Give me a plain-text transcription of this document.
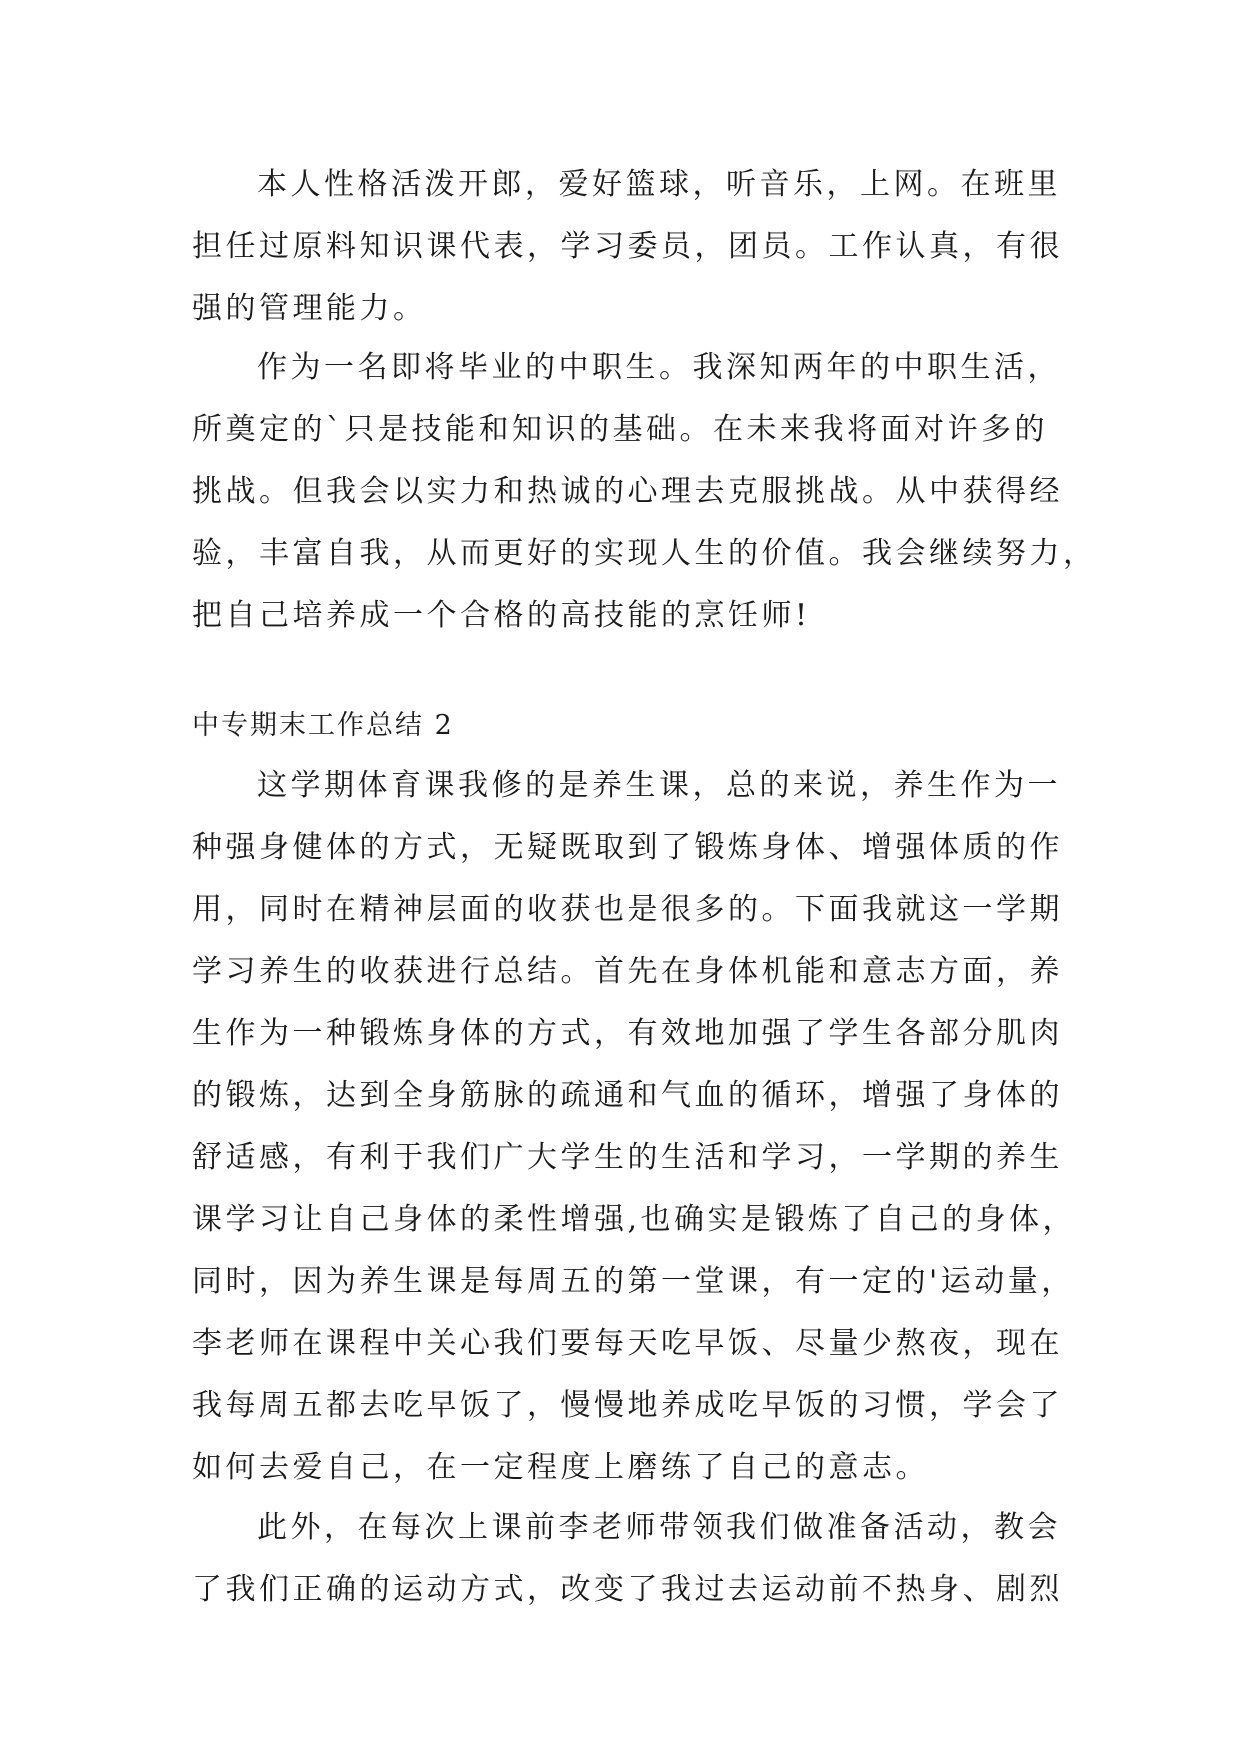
本人性格活泼开郎，爱好篮球，听音乐，上网。在班里
担任过原料知识课代表，学习委员，团员。工作认真，有很
强的管理能力。
作为一名即将毕业的中职生。我深知两年的中职生活，
所奠定的`只是技能和知识的基础。在未来我将面对许多的
挑战。但我会以实力和热诚的心理去克服挑战。从中获得经
验，丰富自我，从而更好的实现人生的价值。我会继续努力，
把自己培养成一个合格的高技能的烹饪师!
中专期末工作总结 2
这学期体育课我修的是养生课，总的来说，养生作为一
种强身健体的方式，无疑既取到了锻炼身体、增强体质的作
用，同时在精神层面的收获也是很多的。下面我就这一学期
学习养生的收获进行总结。首先在身体机能和意志方面，养
生作为一种锻炼身体的方式，有效地加强了学生各部分肌肉
的锻炼，达到全身筋脉的疏通和气血的循环，增强了身体的
舒适感，有利于我们广大学生的生活和学习，一学期的养生
课学习让自己身体的柔性增强,也确实是锻炼了自己的身体，
同时，因为养生课是每周五的第一堂课，有一定的'运动量，
李老师在课程中关心我们要每天吃早饭、尽量少熬夜，现在
我每周五都去吃早饭了，慢慢地养成吃早饭的习惯，学会了
如何去爱自己，在一定程度上磨练了自己的意志。
此外，在每次上课前李老师带领我们做准备活动，教会
了我们正确的运动方式，改变了我过去运动前不热身、剧烈
